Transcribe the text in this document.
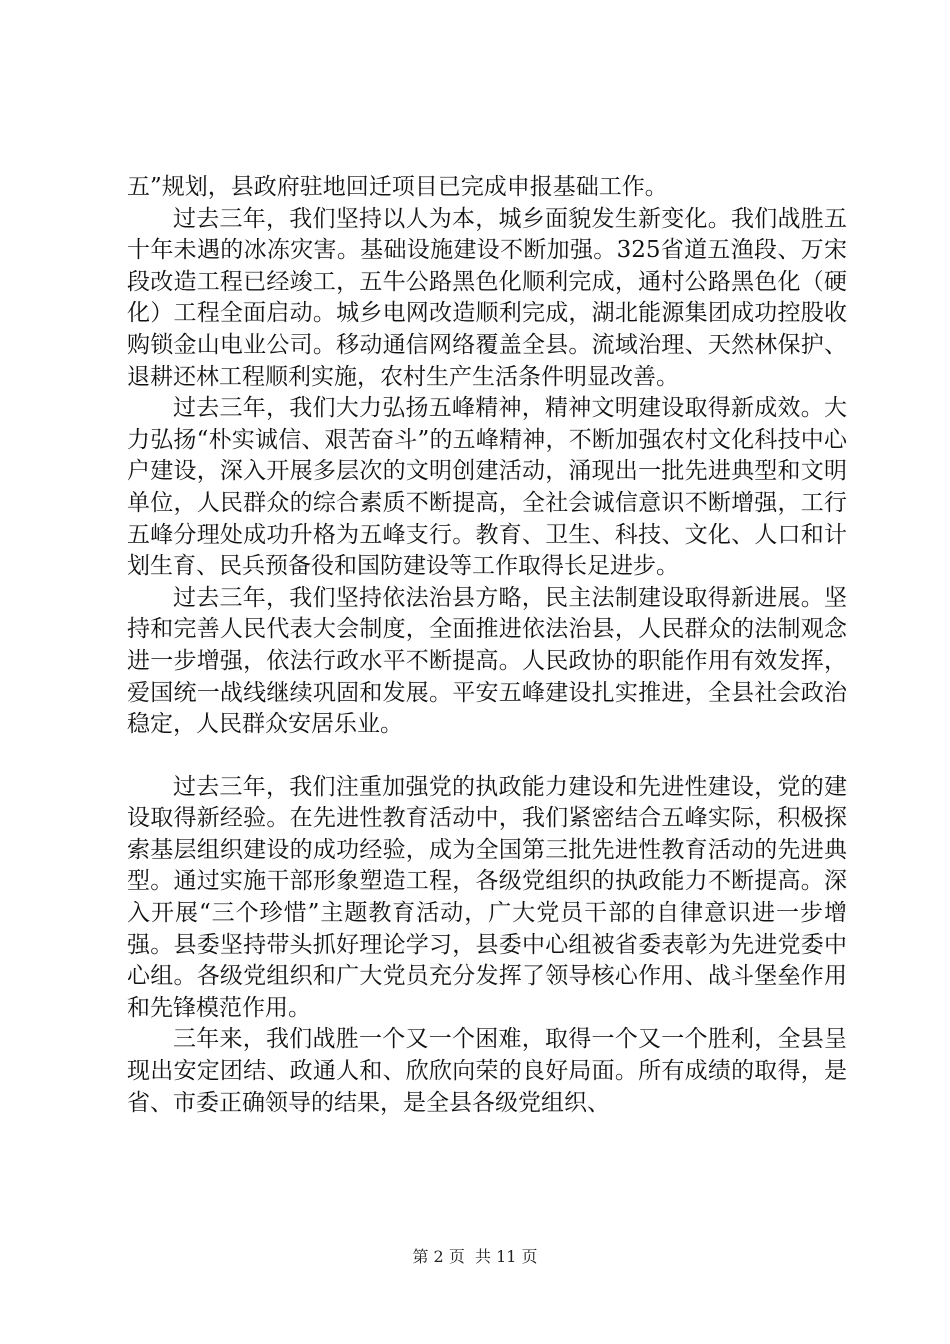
五”规划，县政府驻地回迁项目已完成申报基础工作。

过去三年，我们坚持以人为本，城乡面貌发生新变化。我们战胜五十年未遇的冰冻灾害。基础设施建设不断加强。325省道五渔段、万宋段改造工程已经竣工，五牛公路黑色化顺利完成，通村公路黑色化（硬化）工程全面启动。城乡电网改造顺利完成，湖北能源集团成功控股收购锁金山电业公司。移动通信网络覆盖全县。流域治理、天然林保护、退耕还林工程顺利实施，农村生产生活条件明显改善。

过去三年，我们大力弘扬五峰精神，精神文明建设取得新成效。大力弘扬“朴实诚信、艰苦奋斗”的五峰精神，不断加强农村文化科技中心户建设，深入开展多层次的文明创建活动，涌现出一批先进典型和文明单位，人民群众的综合素质不断提高，全社会诚信意识不断增强，工行五峰分理处成功升格为五峰支行。教育、卫生、科技、文化、人口和计划生育、民兵预备役和国防建设等工作取得长足进步。

过去三年，我们坚持依法治县方略，民主法制建设取得新进展。坚持和完善人民代表大会制度，全面推进依法治县，人民群众的法制观念进一步增强，依法行政水平不断提高。人民政协的职能作用有效发挥，爱国统一战线继续巩固和发展。平安五峰建设扎实推进，全县社会政治稳定，人民群众安居乐业。

过去三年，我们注重加强党的执政能力建设和先进性建设，党的建设取得新经验。在先进性教育活动中，我们紧密结合五峰实际，积极探索基层组织建设的成功经验，成为全国第三批先进性教育活动的先进典型。通过实施干部形象塑造工程，各级党组织的执政能力不断提高。深入开展“三个珍惜”主题教育活动，广大党员干部的自律意识进一步增强。县委坚持带头抓好理论学习，县委中心组被省委表彰为先进党委中心组。各级党组织和广大党员充分发挥了领导核心作用、战斗堡垒作用和先锋模范作用。

三年来，我们战胜一个又一个困难，取得一个又一个胜利，全县呈现出安定团结、政通人和、欣欣向荣的良好局面。所有成绩的取得，是省、市委正确领导的结果，是全县各级党组织、

第 2 页  共 11 页
